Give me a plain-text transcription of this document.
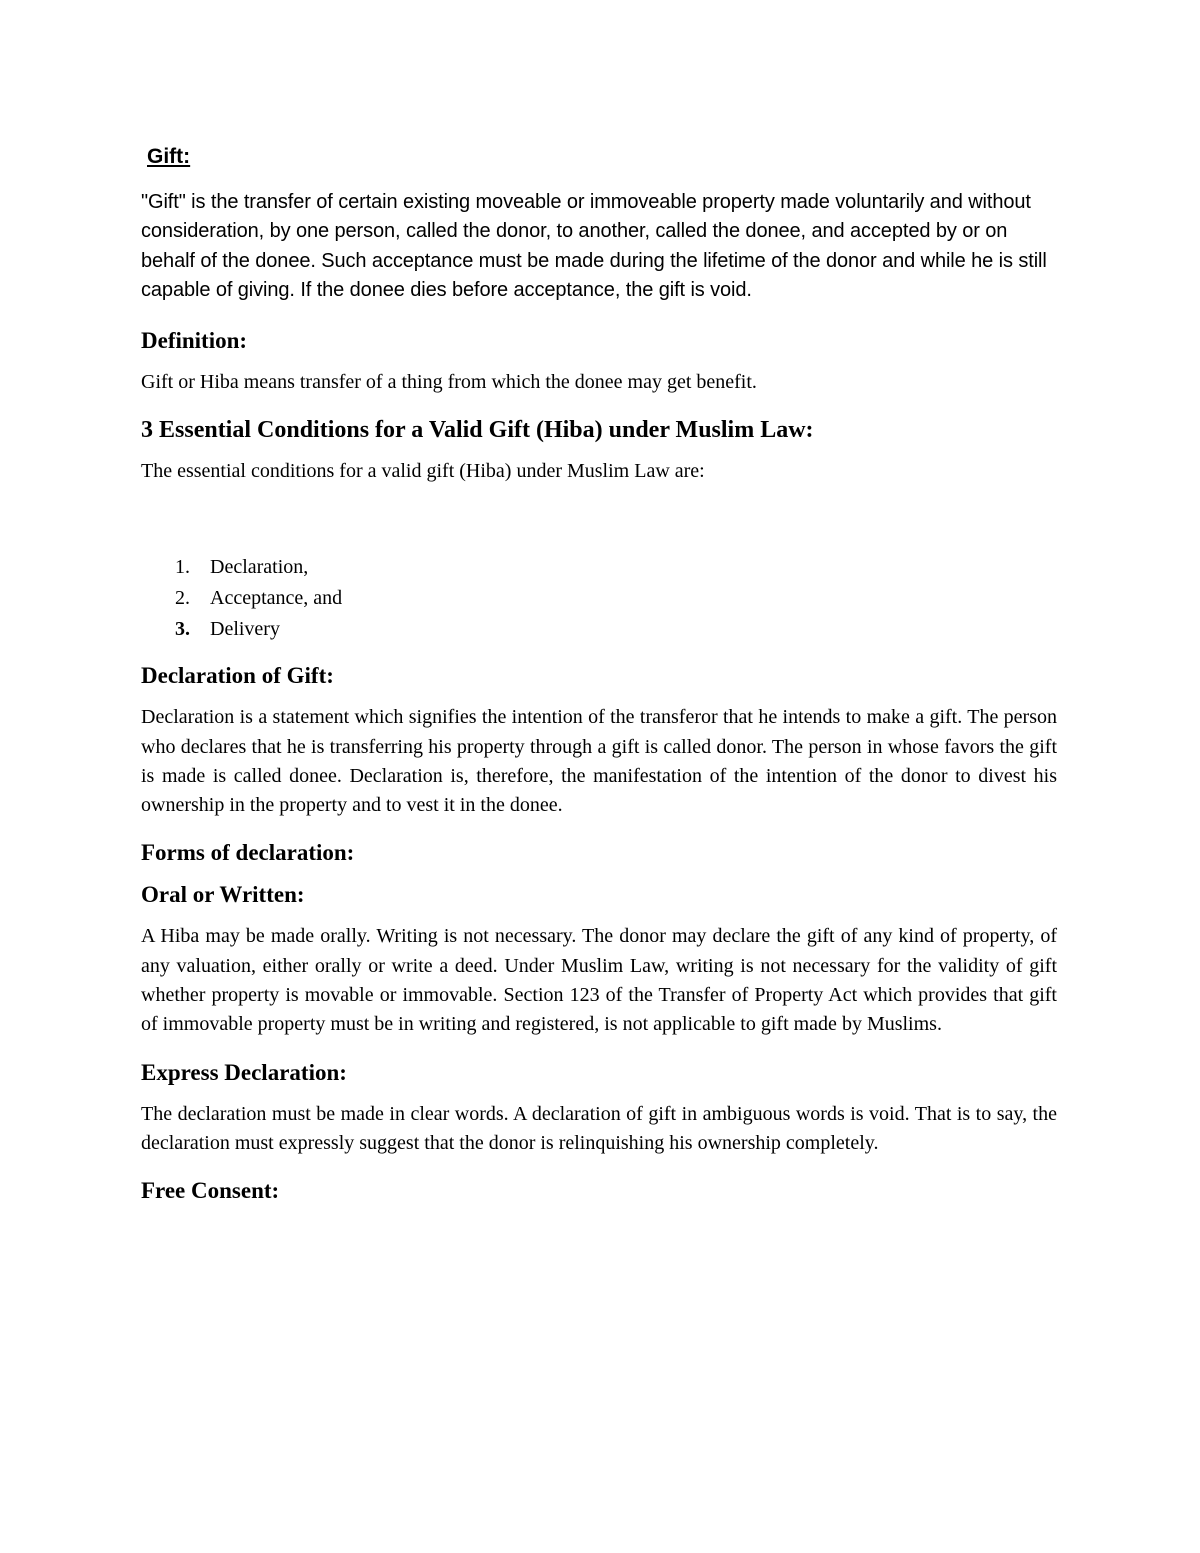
Gift:

"Gift" is the transfer of certain existing moveable or immoveable property made voluntarily and without consideration, by one person, called the donor, to another, called the donee, and accepted by or on behalf of the donee. Such acceptance must be made during the lifetime of the donor and while he is still capable of giving. If the donee dies before acceptance, the gift is void.

Definition:

Gift or Hiba means transfer of a thing from which the donee may get benefit.

3 Essential Conditions for a Valid Gift (Hiba) under Muslim Law:

The essential conditions for a valid gift (Hiba) under Muslim Law are:

1.	Declaration,
2.	Acceptance, and
3.	Delivery
Declaration of Gift:

Declaration is a statement which signifies the intention of the transferor that he intends to make a gift. The person who declares that he is transferring his property through a gift is called donor. The person in whose favors the gift is made is called donee. Declaration is, therefore, the manifestation of the intention of the donor to divest his ownership in the property and to vest it in the donee.

Forms of declaration:
Oral or Written:

A Hiba may be made orally. Writing is not necessary. The donor may declare the gift of any kind of property, of any valuation, either orally or write a deed. Under Muslim Law, writing is not necessary for the validity of gift whether property is movable or immovable. Section 123 of the Transfer of Property Act which provides that gift of immovable property must be in writing and registered, is not applicable to gift made by Muslims.

Express Declaration:

The declaration must be made in clear words. A declaration of gift in ambiguous words is void. That is to say, the declaration must expressly suggest that the donor is relinquishing his ownership completely.

Free Consent:
